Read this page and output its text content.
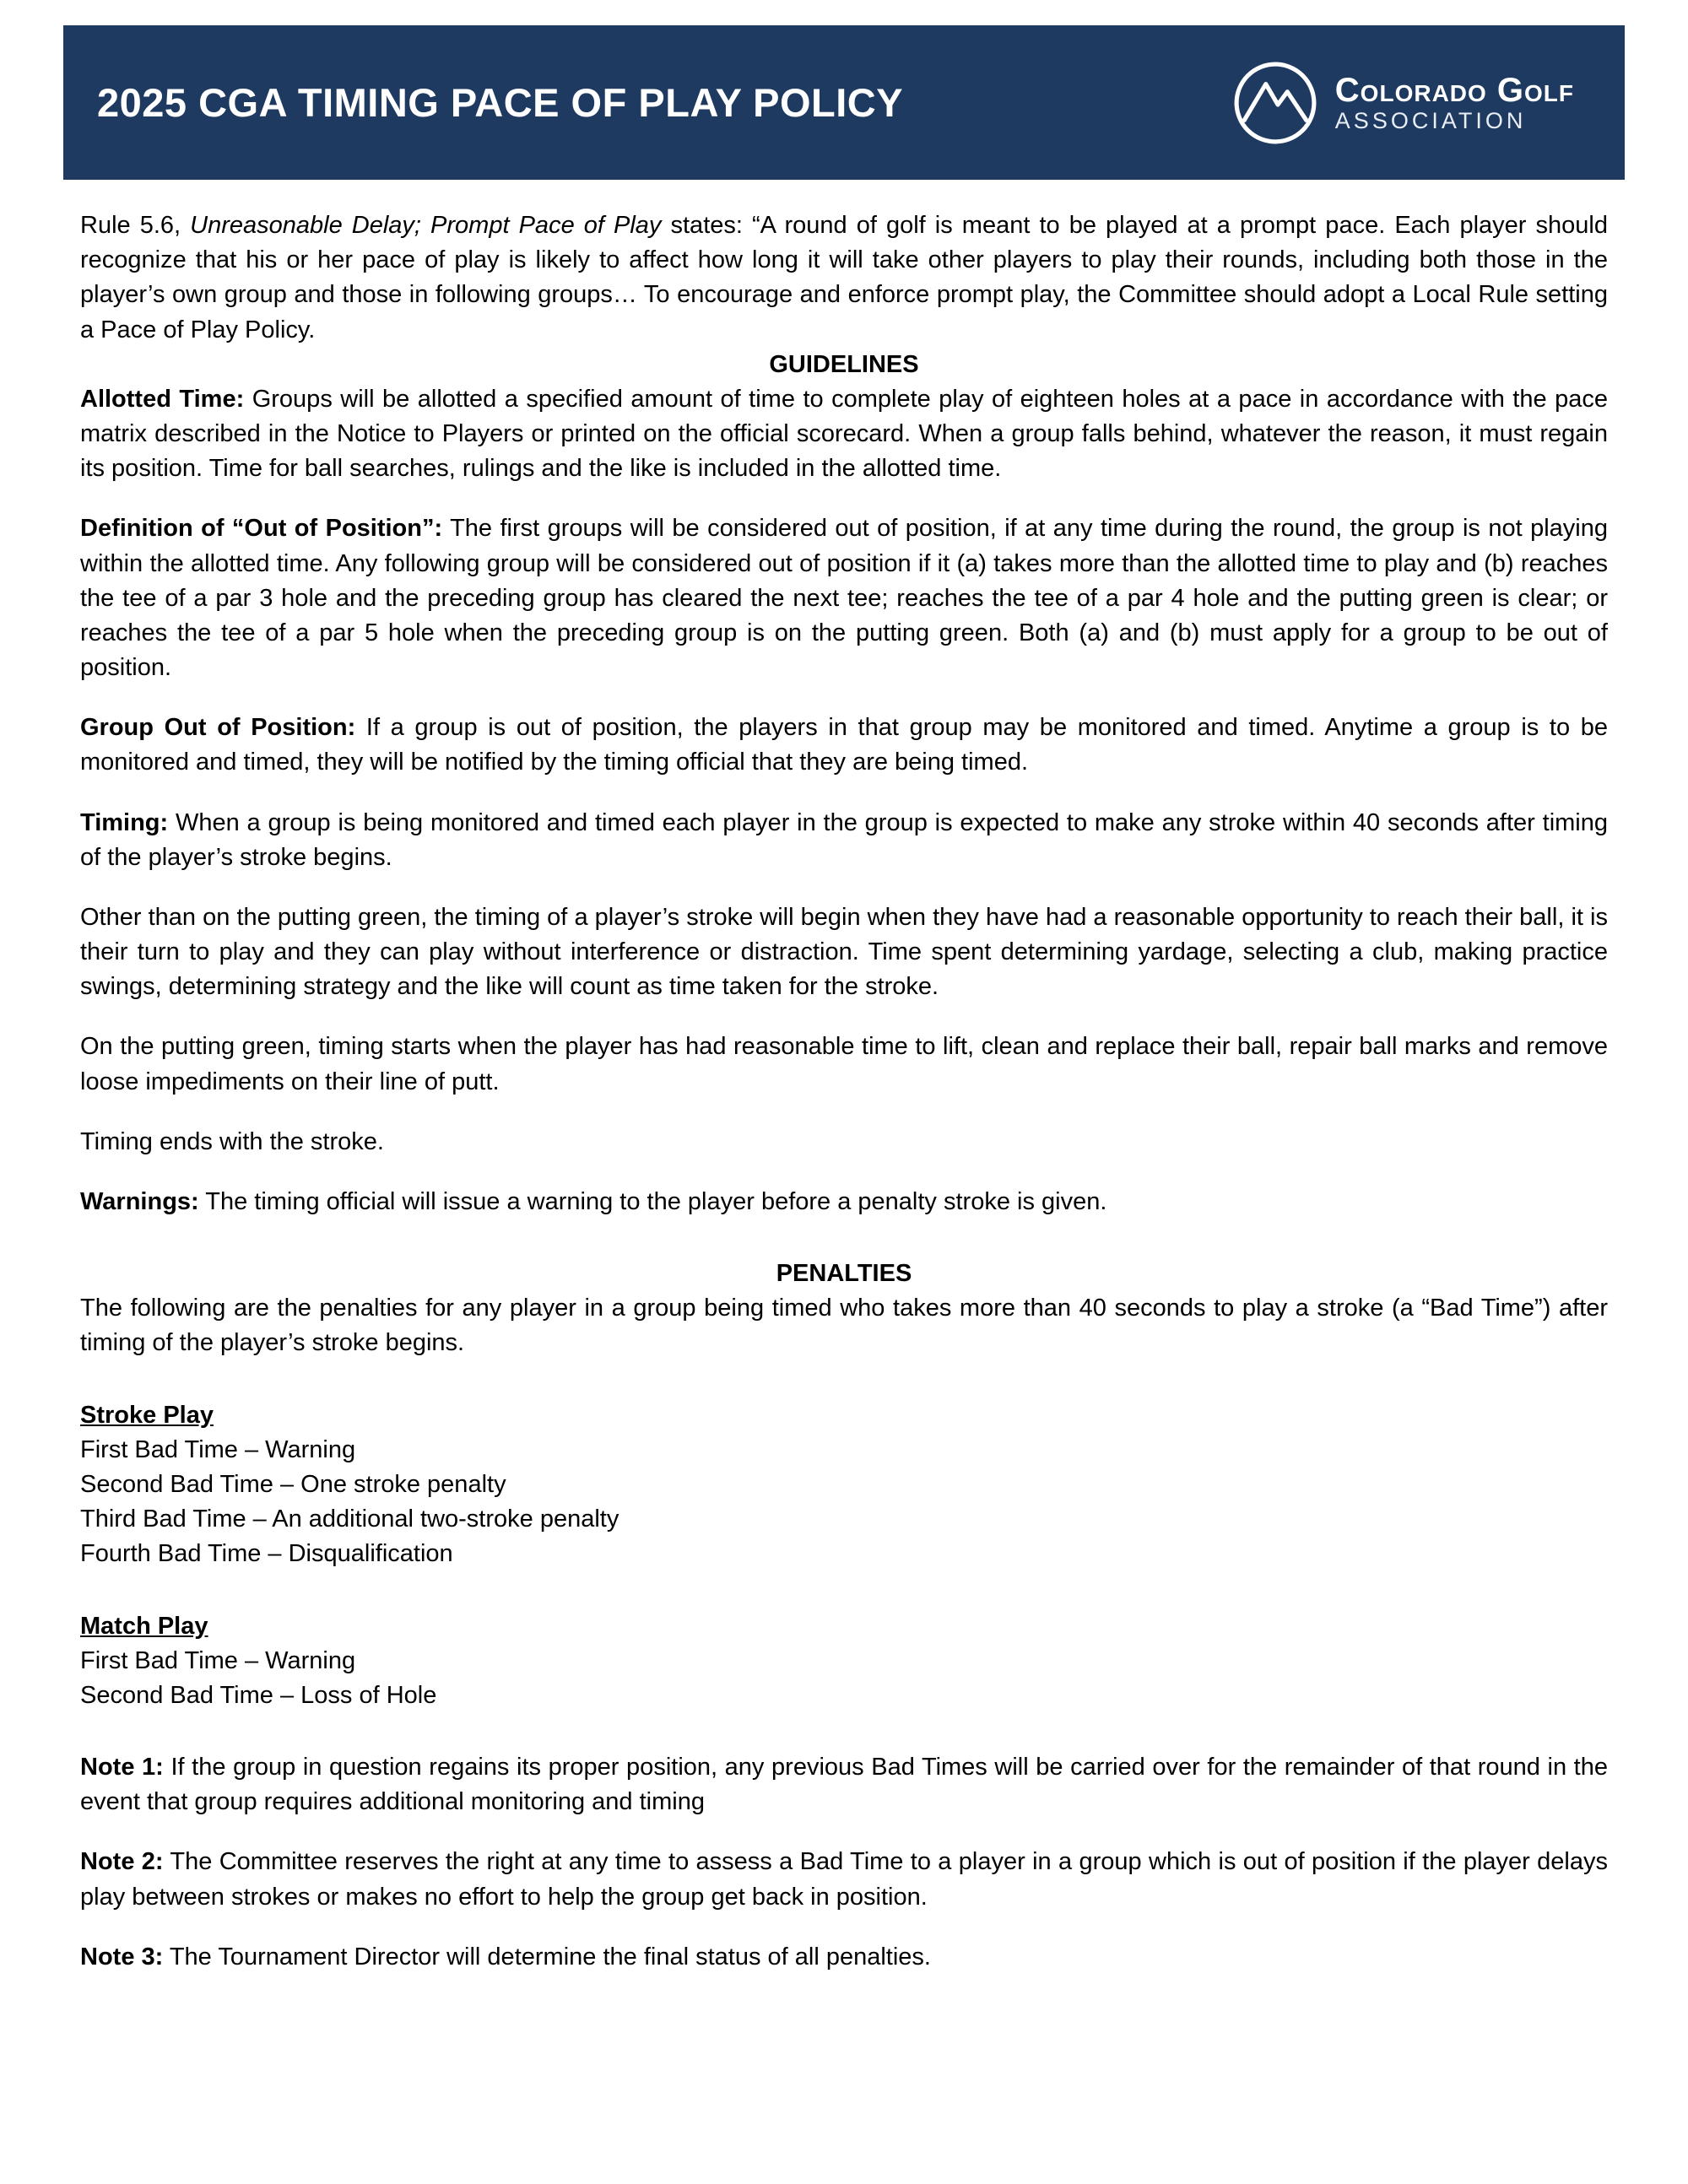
2025 CGA TIMING PACE OF PLAY POLICY	Colorado Golf
ASSOCIATION

Rule 5.6, Unreasonable Delay; Prompt Pace of Play states: “A round of golf is meant to be played at a prompt pace. Each player should recognize that his or her pace of play is likely to affect how long it will take other players to play their rounds, including both those in the player’s own group and those in following groups… To encourage and enforce prompt play, the Committee should adopt a Local Rule setting a Pace of Play Policy.

GUIDELINES

Allotted Time: Groups will be allotted a specified amount of time to complete play of eighteen holes at a pace in accordance with the pace matrix described in the Notice to Players or printed on the official scorecard. When a group falls behind, whatever the reason, it must regain its position. Time for ball searches, rulings and the like is included in the allotted time.

Definition of “Out of Position”: The first groups will be considered out of position, if at any time during the round, the group is not playing within the allotted time. Any following group will be considered out of position if it (a) takes more than the allotted time to play and (b) reaches the tee of a par 3 hole and the preceding group has cleared the next tee; reaches the tee of a par 4 hole and the putting green is clear; or reaches the tee of a par 5 hole when the preceding group is on the putting green. Both (a) and (b) must apply for a group to be out of position.

Group Out of Position: If a group is out of position, the players in that group may be monitored and timed. Anytime a group is to be monitored and timed, they will be notified by the timing official that they are being timed.

Timing: When a group is being monitored and timed each player in the group is expected to make any stroke within 40 seconds after timing of the player’s stroke begins.

Other than on the putting green, the timing of a player’s stroke will begin when they have had a reasonable opportunity to reach their ball, it is their turn to play and they can play without interference or distraction. Time spent determining yardage, selecting a club, making practice swings, determining strategy and the like will count as time taken for the stroke.

On the putting green, timing starts when the player has had reasonable time to lift, clean and replace their ball, repair ball marks and remove loose impediments on their line of putt.

Timing ends with the stroke.

Warnings: The timing official will issue a warning to the player before a penalty stroke is given.

PENALTIES

The following are the penalties for any player in a group being timed who takes more than 40 seconds to play a stroke (a “Bad Time”) after timing of the player’s stroke begins.

Stroke Play

First Bad Time – Warning

Second Bad Time – One stroke penalty

Third Bad Time – An additional two-stroke penalty

Fourth Bad Time – Disqualification

Match Play

First Bad Time – Warning

Second Bad Time – Loss of Hole

Note 1: If the group in question regains its proper position, any previous Bad Times will be carried over for the remainder of that round in the event that group requires additional monitoring and timing

Note 2: The Committee reserves the right at any time to assess a Bad Time to a player in a group which is out of position if the player delays play between strokes or makes no effort to help the group get back in position.

Note 3: The Tournament Director will determine the final status of all penalties.
